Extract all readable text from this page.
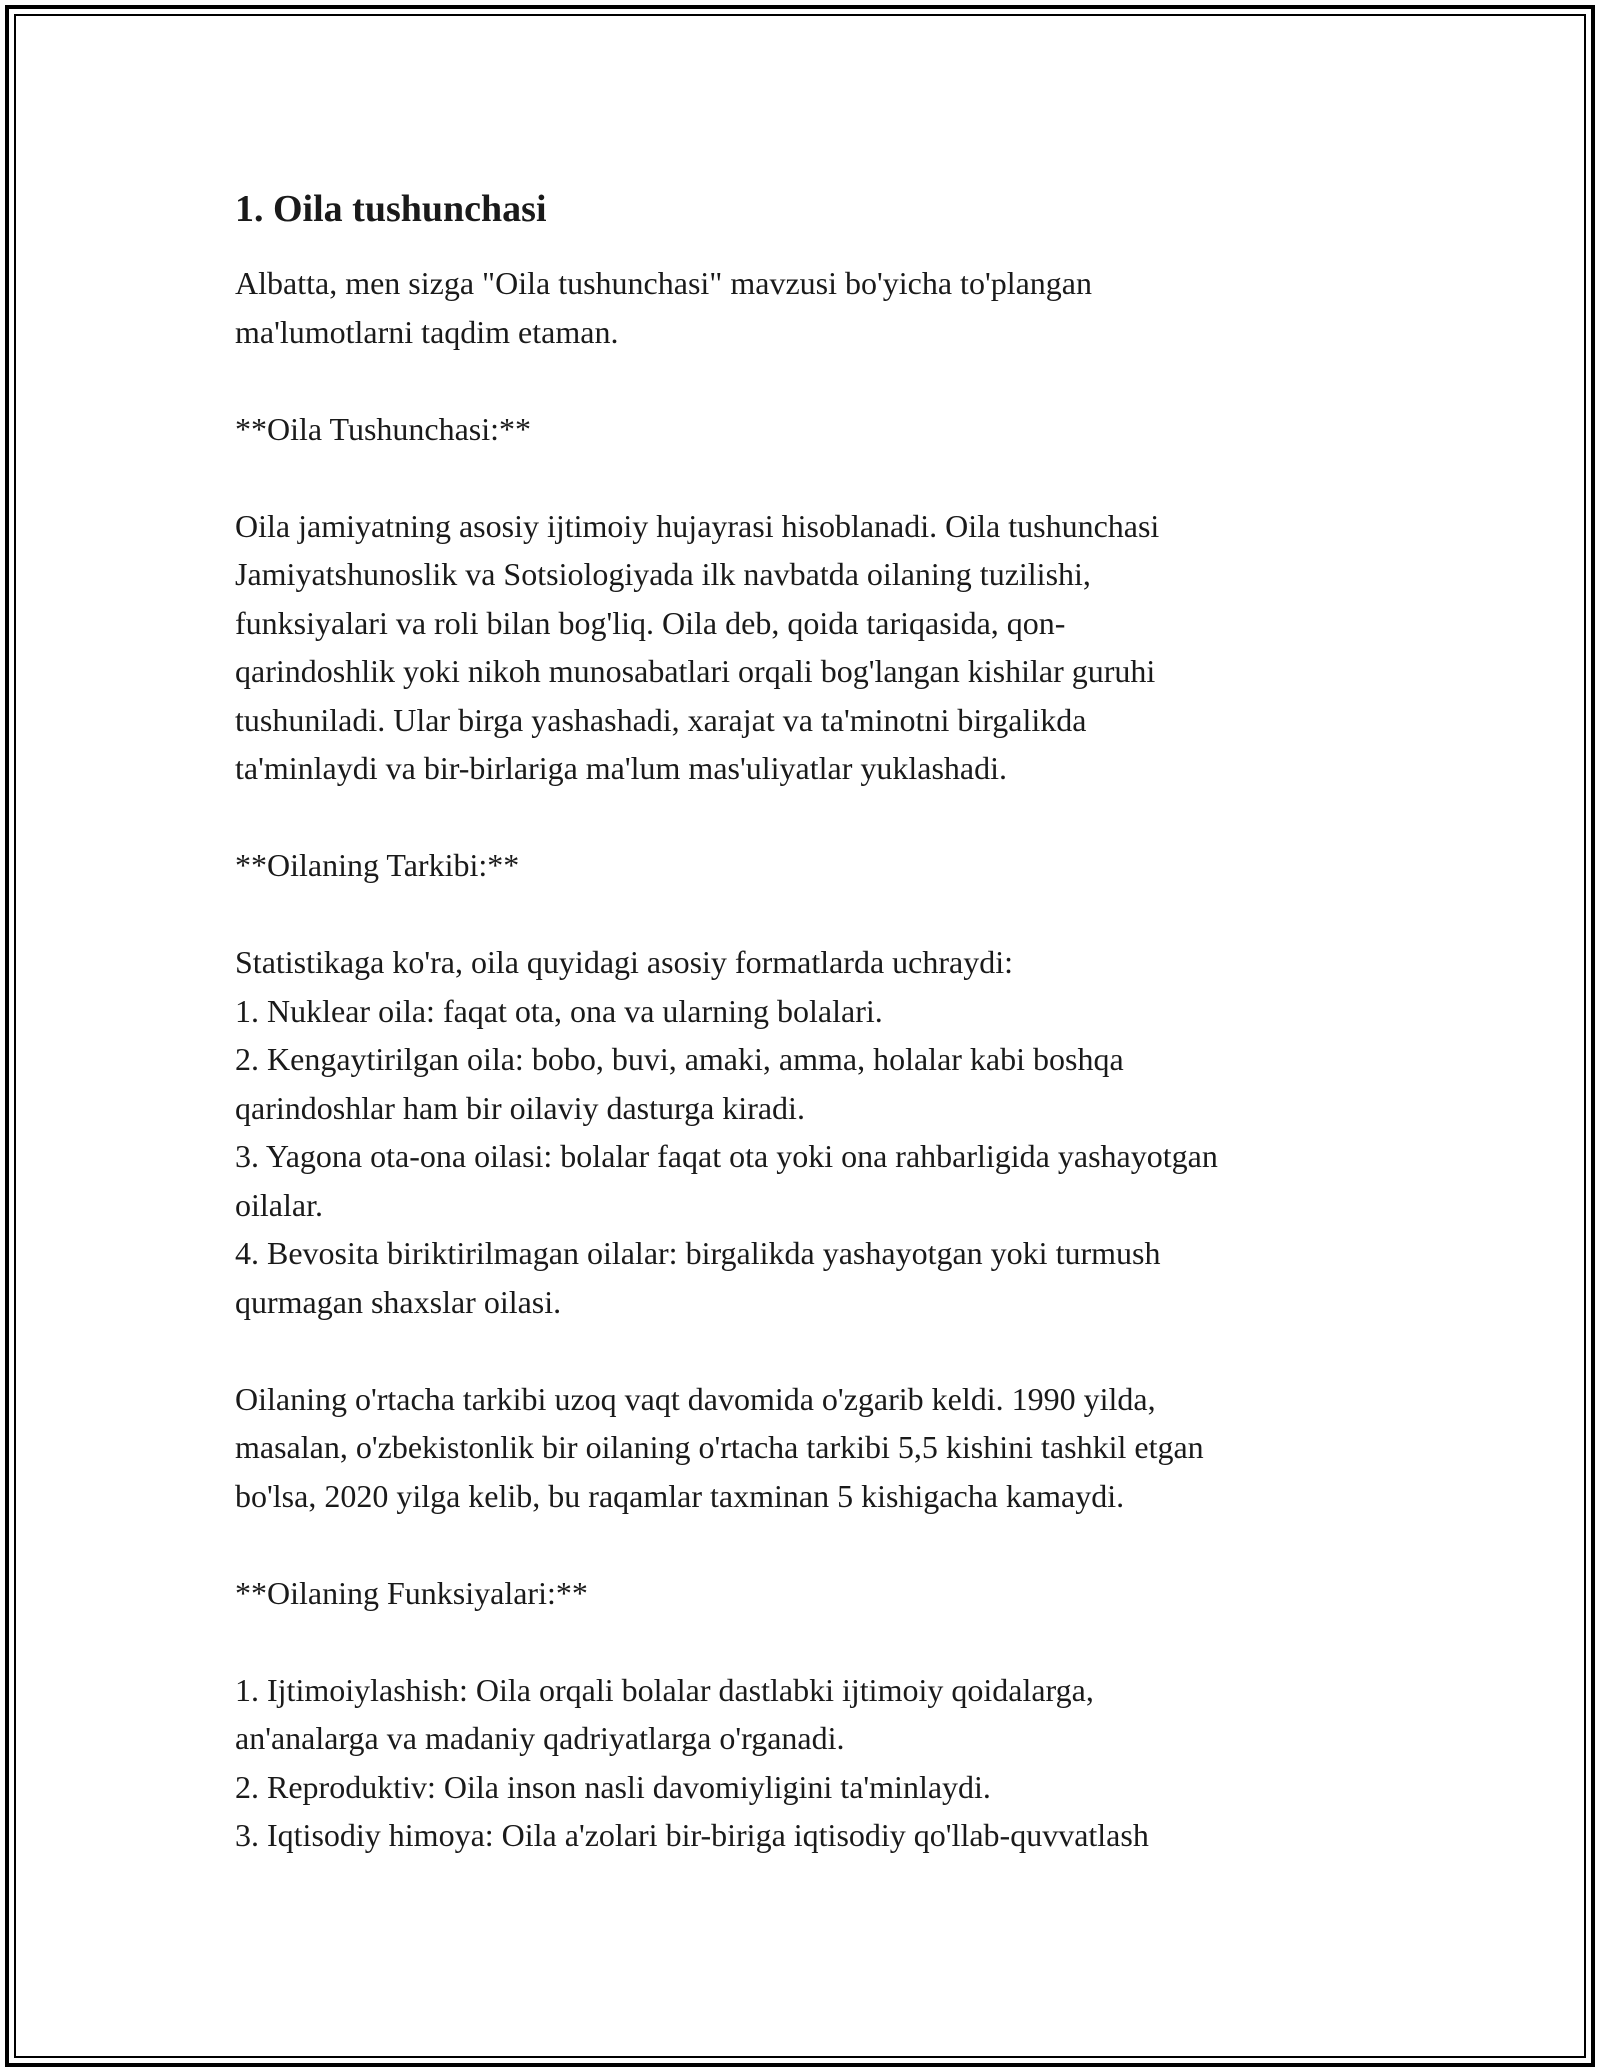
1. Oila tushunchasi

Albatta, men sizga "Oila tushunchasi" mavzusi bo'yicha to'plangan
ma'lumotlarni taqdim etaman.

**Oila Tushunchasi:**

Oila jamiyatning asosiy ijtimoiy hujayrasi hisoblanadi. Oila tushunchasi
Jamiyatshunoslik va Sotsiologiyada ilk navbatda oilaning tuzilishi,
funksiyalari va roli bilan bog'liq. Oila deb, qoida tariqasida, qon-
qarindoshlik yoki nikoh munosabatlari orqali bog'langan kishilar guruhi
tushuniladi. Ular birga yashashadi, xarajat va ta'minotni birgalikda
ta'minlaydi va bir-birlariga ma'lum mas'uliyatlar yuklashadi.

**Oilaning Tarkibi:**

Statistikaga ko'ra, oila quyidagi asosiy formatlarda uchraydi:
1. Nuklear oila: faqat ota, ona va ularning bolalari.
2. Kengaytirilgan oila: bobo, buvi, amaki, amma, holalar kabi boshqa
qarindoshlar ham bir oilaviy dasturga kiradi.
3. Yagona ota-ona oilasi: bolalar faqat ota yoki ona rahbarligida yashayotgan
oilalar.
4. Bevosita biriktirilmagan oilalar: birgalikda yashayotgan yoki turmush
qurmagan shaxslar oilasi.

Oilaning o'rtacha tarkibi uzoq vaqt davomida o'zgarib keldi. 1990 yilda,
masalan, o'zbekistonlik bir oilaning o'rtacha tarkibi 5,5 kishini tashkil etgan
bo'lsa, 2020 yilga kelib, bu raqamlar taxminan 5 kishigacha kamaydi.

**Oilaning Funksiyalari:**

1. Ijtimoiylashish: Oila orqali bolalar dastlabki ijtimoiy qoidalarga,
an'analarga va madaniy qadriyatlarga o'rganadi.
2. Reproduktiv: Oila inson nasli davomiyligini ta'minlaydi.
3. Iqtisodiy himoya: Oila a'zolari bir-biriga iqtisodiy qo'llab-quvvatlash
